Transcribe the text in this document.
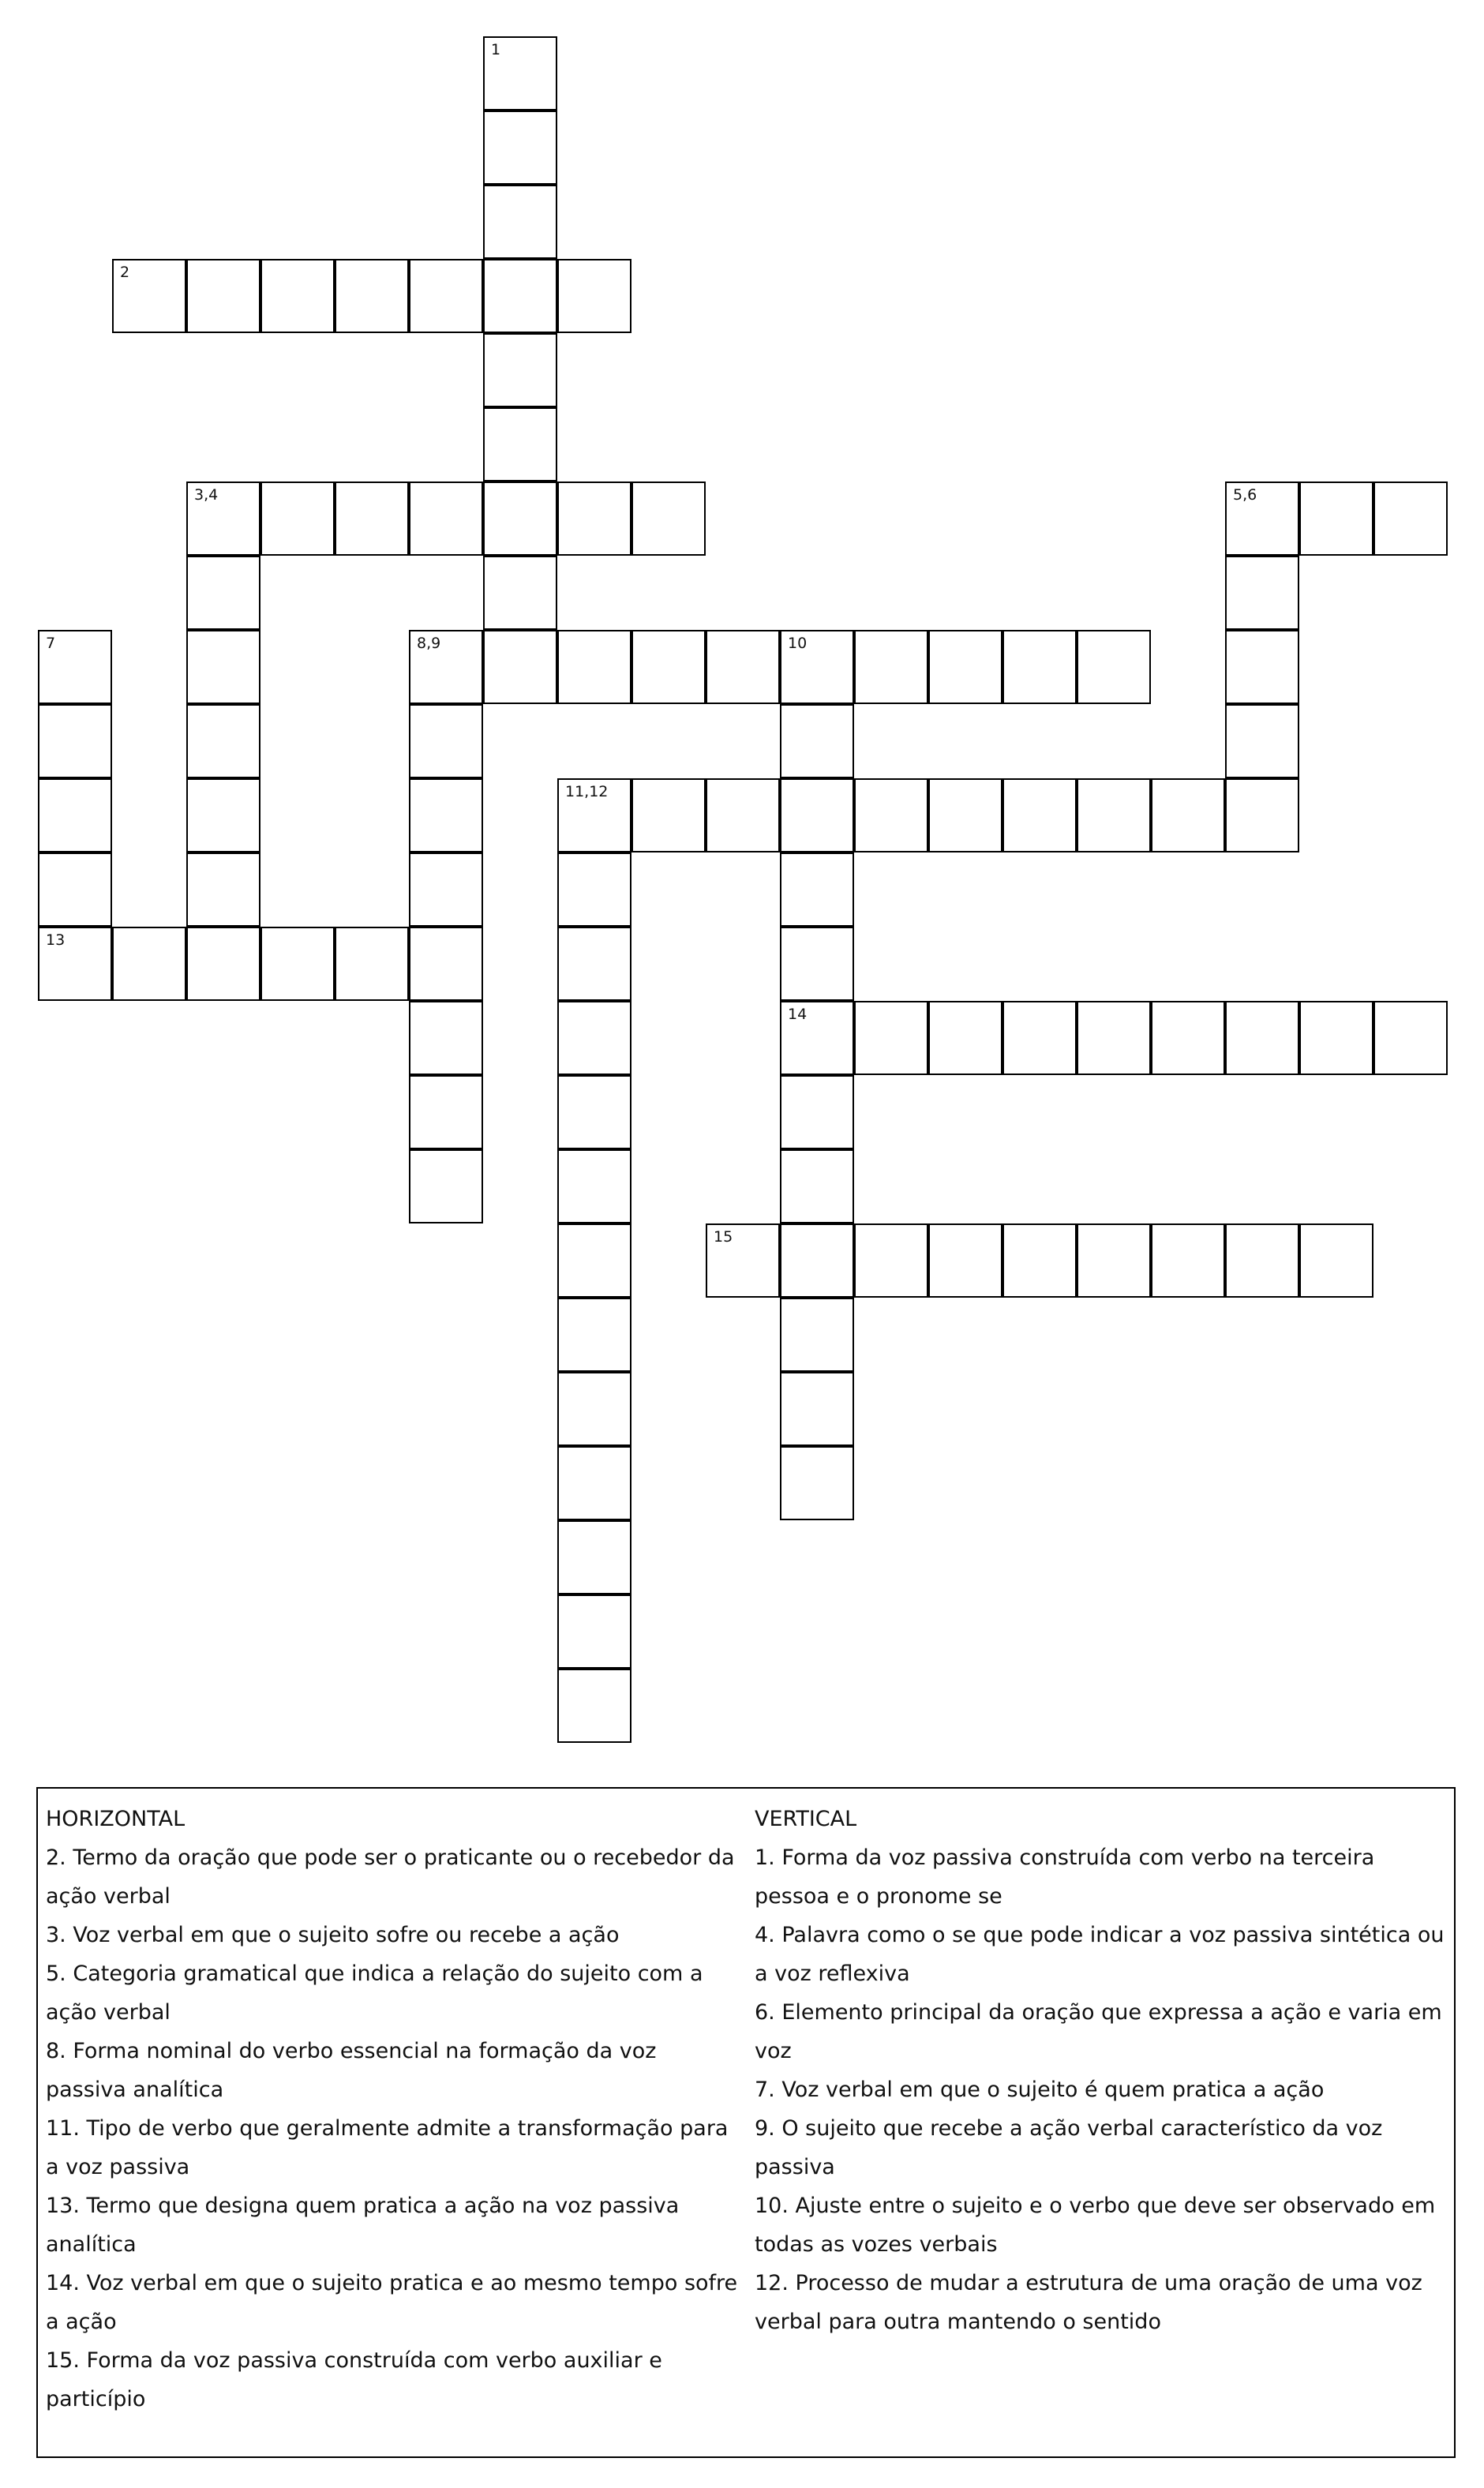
1
2
3,4	5,6
7
13
8,9	10
14
11,12
15
HORIZONTAL
2. Termo da oração que pode ser o praticante ou o recebedor da ação verbal
3. Voz verbal em que o sujeito sofre ou recebe a ação
5. Categoria gramatical que indica a relação do sujeito com a ação verbal
8. Forma nominal do verbo essencial na formação da voz passiva analítica
11. Tipo de verbo que geralmente admite a transformação para a voz passiva
13. Termo que designa quem pratica a ação na voz passiva analítica
14. Voz verbal em que o sujeito pratica e ao mesmo tempo sofre a ação
15. Forma da voz passiva construída com verbo auxiliar e particípio
VERTICAL
1. Forma da voz passiva construída com verbo na terceira pessoa e o pronome se
4. Palavra como o se que pode indicar a voz passiva sintética ou a voz reflexiva
6. Elemento principal da oração que expressa a ação e varia em voz
7. Voz verbal em que o sujeito é quem pratica a ação
9. O sujeito que recebe a ação verbal característico da voz passiva
10. Ajuste entre o sujeito e o verbo que deve ser observado em todas as vozes verbais
12. Processo de mudar a estrutura de uma oração de uma voz verbal para outra mantendo o sentido
